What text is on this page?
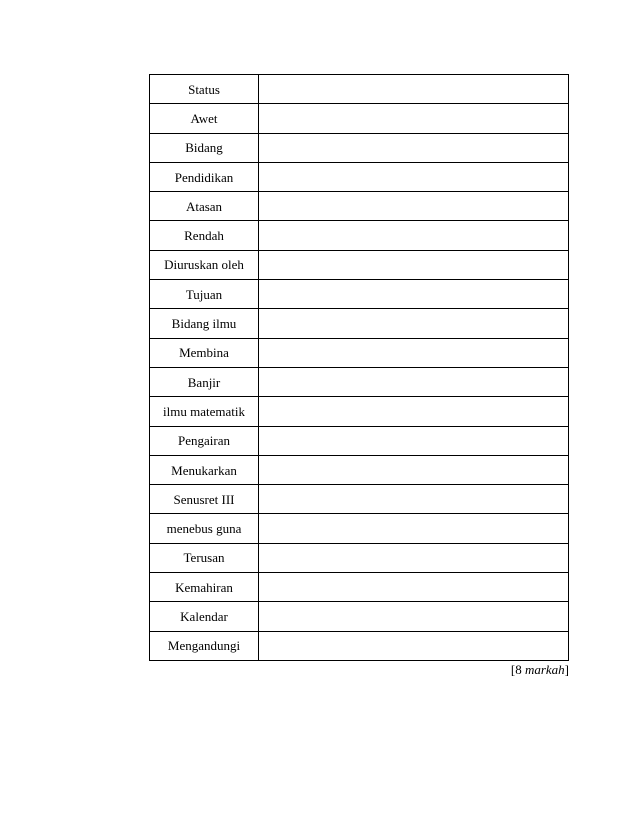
Status	
Awet	
Bidang	
Pendidikan	
Atasan	
Rendah	
Diuruskan oleh	
Tujuan	
Bidang ilmu	
Membina	
Banjir	
ilmu matematik	
Pengairan	
Menukarkan	
Senusret III	
menebus guna	
Terusan	
Kemahiran	
Kalendar	
Mengandungi	
[8 markah]
